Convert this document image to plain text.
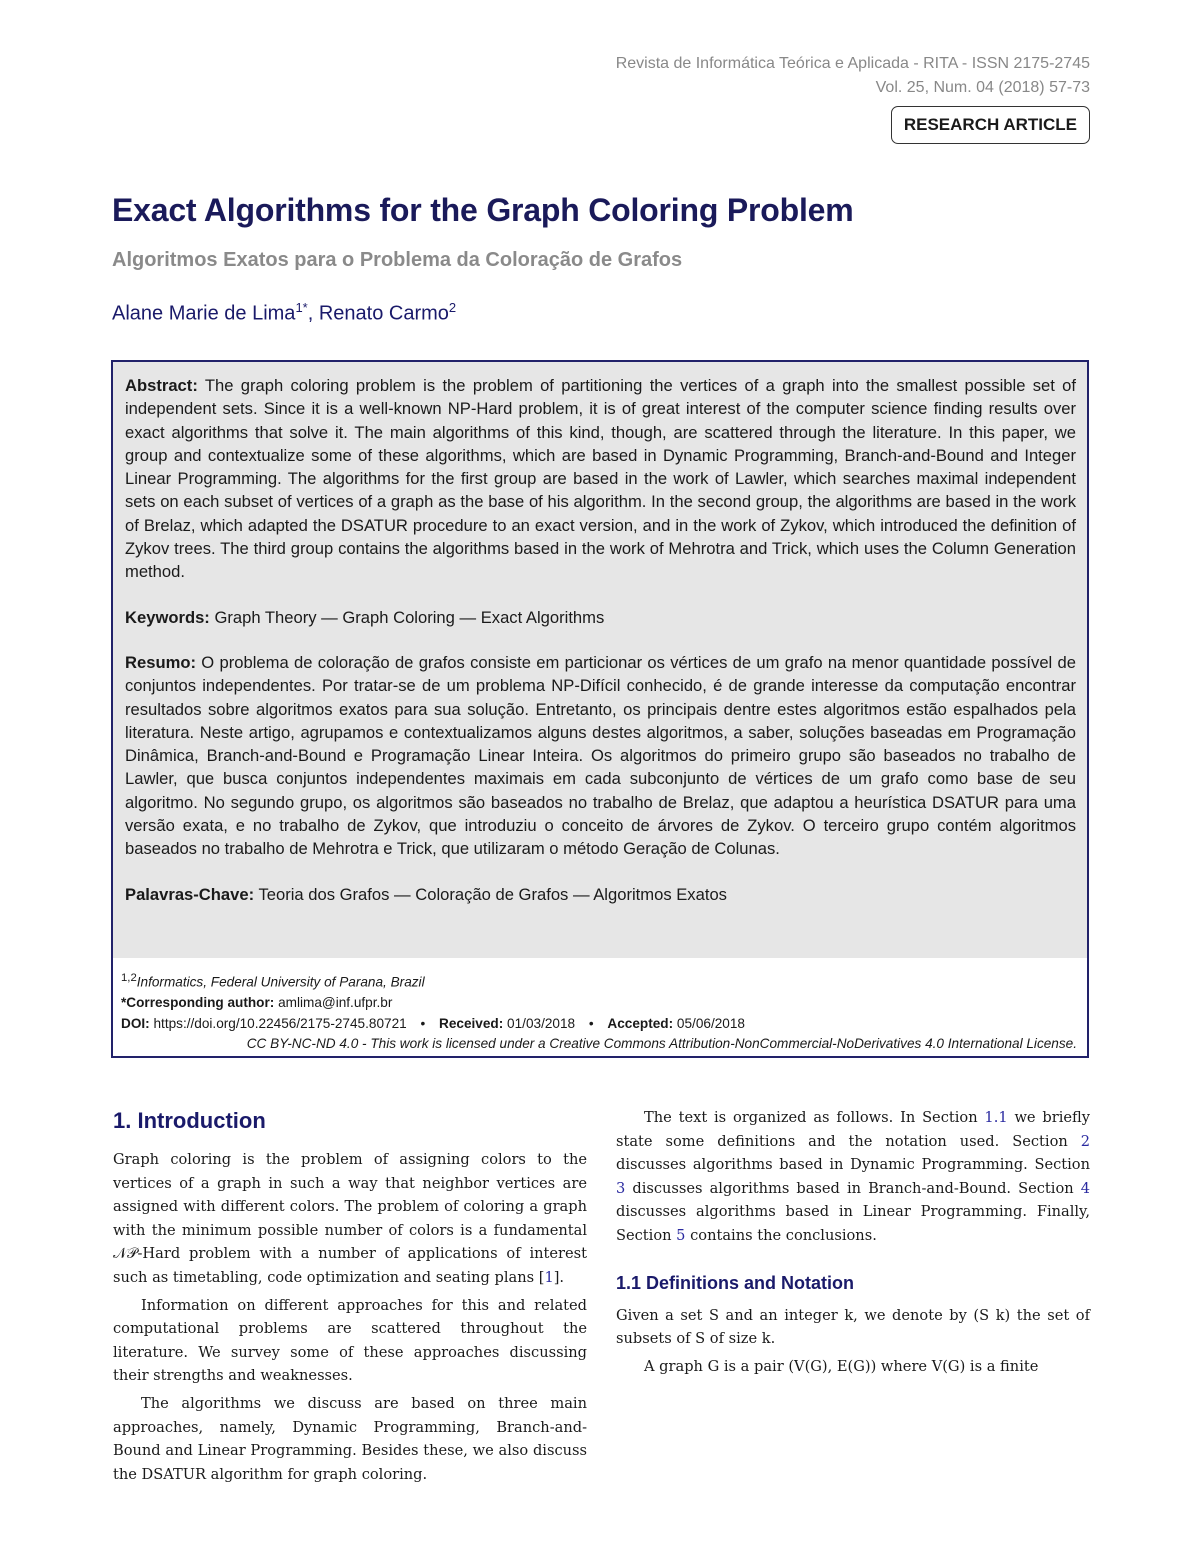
Revista de Informática Teórica e Aplicada - RITA - ISSN 2175-2745
Vol. 25, Num. 04 (2018) 57-73
RESEARCH ARTICLE
Exact Algorithms for the Graph Coloring Problem
Algoritmos Exatos para o Problema da Coloração de Grafos
Alane Marie de Lima$^{1*}$, Renato Carmo$^2$

Abstract: The graph coloring problem is the problem of partitioning the vertices of a graph into the smallest possible set of independent sets. Since it is a well-known NP-Hard problem, it is of great interest of the computer science finding results over exact algorithms that solve it. The main algorithms of this kind, though, are scattered through the literature. In this paper, we group and contextualize some of these algorithms, which are based in Dynamic Programming, Branch-and-Bound and Integer Linear Programming. The algorithms for the first group are based in the work of Lawler, which searches maximal independent sets on each subset of vertices of a graph as the base of his algorithm. In the second group, the algorithms are based in the work of Brelaz, which adapted the DSATUR procedure to an exact version, and in the work of Zykov, which introduced the definition of Zykov trees. The third group contains the algorithms based in the work of Mehrotra and Trick, which uses the Column Generation method.

Keywords: Graph Theory — Graph Coloring — Exact Algorithms

Resumo: O problema de coloração de grafos consiste em particionar os vértices de um grafo na menor quantidade possível de conjuntos independentes. Por tratar-se de um problema NP-Difícil conhecido, é de grande interesse da computação encontrar resultados sobre algoritmos exatos para sua solução. Entretanto, os principais dentre estes algoritmos estão espalhados pela literatura. Neste artigo, agrupamos e contextualizamos alguns destes algoritmos, a saber, soluções baseadas em Programação Dinâmica, Branch-and-Bound e Programação Linear Inteira. Os algoritmos do primeiro grupo são baseados no trabalho de Lawler, que busca conjuntos independentes maximais em cada subconjunto de vértices de um grafo como base de seu algoritmo. No segundo grupo, os algoritmos são baseados no trabalho de Brelaz, que adaptou a heurística DSATUR para uma versão exata, e no trabalho de Zykov, que introduziu o conceito de árvores de Zykov. O terceiro grupo contém algoritmos baseados no trabalho de Mehrotra e Trick, que utilizaram o método Geração de Colunas.

Palavras-Chave: Teoria dos Grafos — Coloração de Grafos — Algoritmos Exatos

$^{1,2}$Informatics, Federal University of Parana, Brazil
*Corresponding author: amlima@inf.ufpr.br
DOI: https://doi.org/10.22456/2175-2745.80721 • Received: 01/03/2018 • Accepted: 05/06/2018
CC BY-NC-ND 4.0 - This work is licensed under a Creative Commons Attribution-NonCommercial-NoDerivatives 4.0 International License.
1. Introduction

Graph coloring is the problem of assigning colors to the vertices of a graph in such a way that neighbor vertices are assigned with different colors. The problem of coloring a graph with the minimum possible number of colors is a fundamental 𝒩𝒫-Hard problem with a number of applications of interest such as timetabling, code optimization and seating plans [1].

Information on different approaches for this and related computational problems are scattered throughout the literature. We survey some of these approaches discussing their strengths and weaknesses.

The algorithms we discuss are based on three main approaches, namely, Dynamic Programming, Branch-and-Bound and Linear Programming. Besides these, we also discuss the DSATUR algorithm for graph coloring.

The text is organized as follows. In Section 1.1 we briefly state some definitions and the notation used. Section 2 discusses algorithms based in Dynamic Programming. Section 3 discusses algorithms based in Branch-and-Bound. Section 4 discusses algorithms based in Linear Programming. Finally, Section 5 contains the conclusions.

1.1 Definitions and Notation

Given a set S and an integer k, we denote by (S k) the set of subsets of S of size k.

A graph G is a pair (V(G), E(G)) where V(G) is a finite
